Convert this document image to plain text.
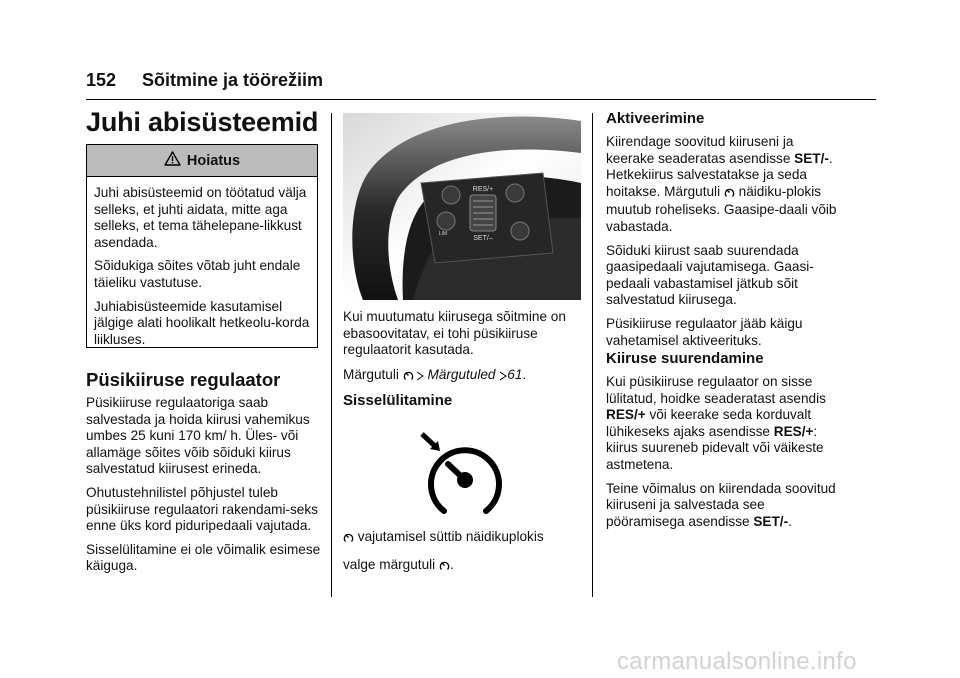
152 Sõitmine ja töörežiim
Juhi abisüsteemid
Hoiatus

Juhi abisüsteemid on töötatud välja selleks, et juhti aidata, mitte aga selleks, et tema tähelepane-likkust asendada.

Sõidukiga sõites võtab juht endale täieliku vastutuse.

Juhiabisüsteemide kasutamisel jälgige alati hoolikalt hetkeolu-korda liikluses.

Püsikiiruse regulaator

Püsikiiruse regulaatoriga saab salvestada ja hoida kiirusi vahemikus umbes 25 kuni 170 km/ h. Üles- või allamäge sõites võib sõiduki kiirus salvestatud kiirusest erineda.

Ohutustehnilistel põhjustel tuleb püsikiiruse regulaatori rakendami-seks enne üks kord piduripedaali vajutada.

Sisselülitamine ei ole võimalik esimese käiguga.

RES/+
SET/–
LIM

Kui muutumatu kiirusega sõitmine on ebasoovitatav, ei tohi püsikiiruse regulaatorit kasutada.

Märgutuli Märgutuled 61.

Sisselülitamine

vajutamisel süttib näidikuplokis

valge märgutuli .

Aktiveerimine

Kiirendage soovitud kiiruseni ja keerake seaderatas asendisse SET/-. Hetkekiirus salvestatakse ja seda hoitakse. Märgutuli näidiku-plokis muutub roheliseks. Gaasipe-daali võib vabastada.

Sõiduki kiirust saab suurendada gaasipedaali vajutamisega. Gaasi-pedaali vabastamisel jätkub sõit salvestatud kiirusega.

Püsikiiruse regulaator jääb käigu vahetamisel aktiveerituks.

Kiiruse suurendamine

Kui püsikiiruse regulaator on sisse lülitatud, hoidke seaderatast asendis RES/+ või keerake seda korduvalt lühikeseks ajaks asendisse RES/+: kiirus suureneb pidevalt või väikeste astmetena.

Teine võimalus on kiirendada soovitud kiiruseni ja salvestada see pööramisega asendisse SET/-.

carmanualsonline.info
